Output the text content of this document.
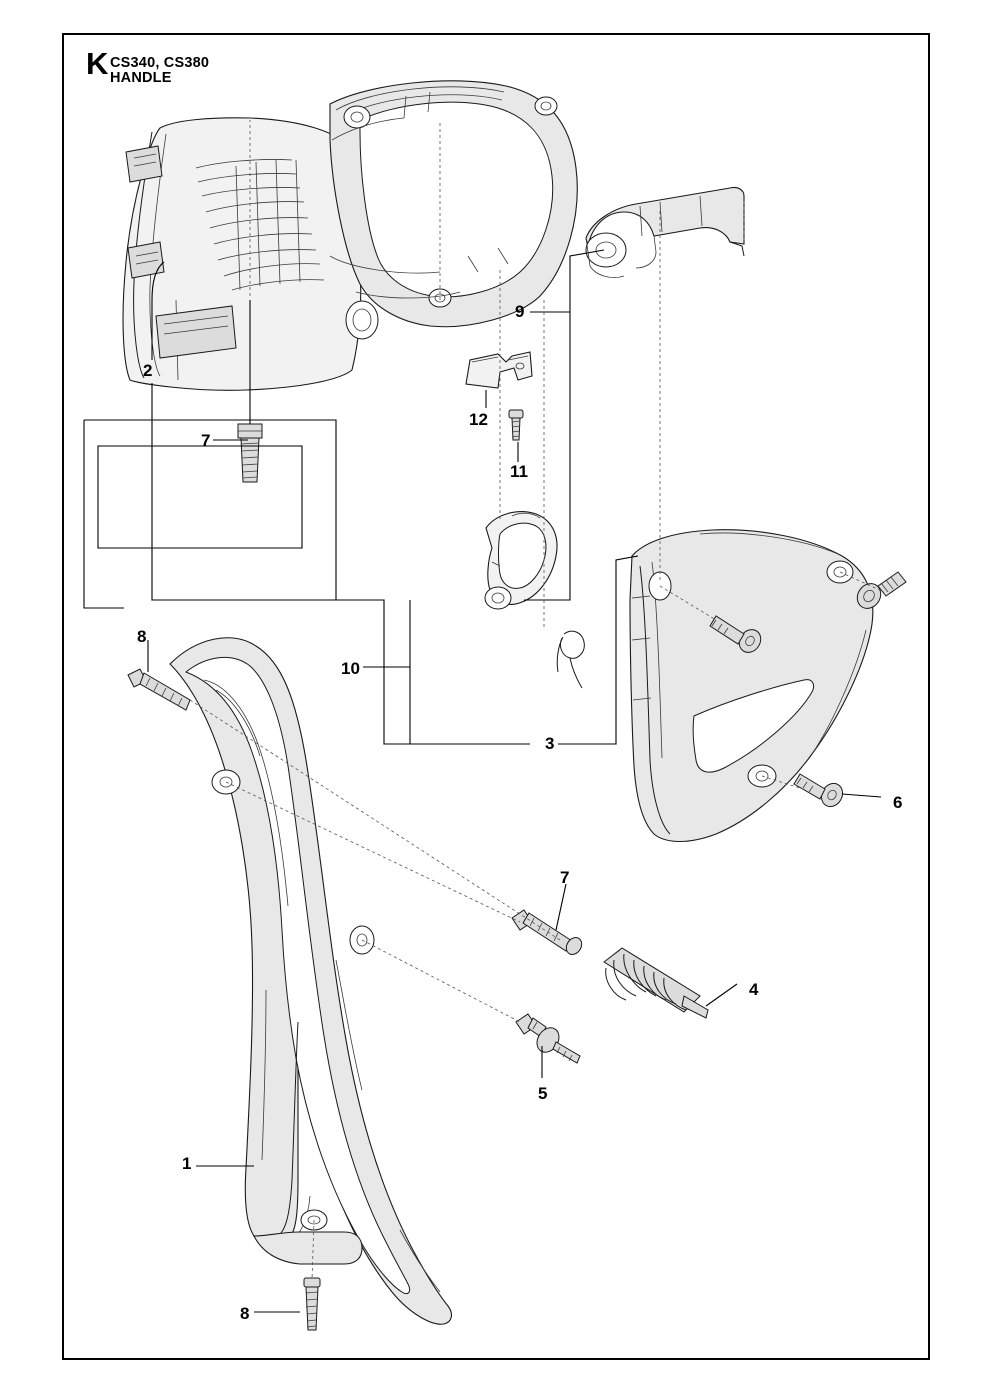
K CS340, CS380
HANDLE
1
2
3
4
5
6
7
7
8
8
9
10
11
12
